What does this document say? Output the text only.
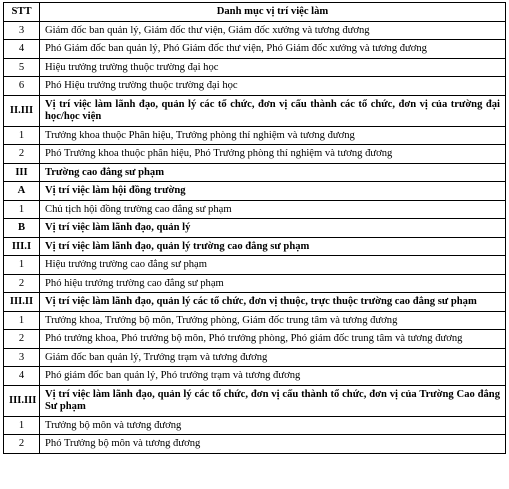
STT	Danh mục vị trí việc làm
3	Giám đốc ban quản lý, Giám đốc thư viện, Giám đốc xưởng và tương đương
4	Phó Giám đốc ban quản lý, Phó Giám đốc thư viện, Phó Giám đốc xưởng và tương đương
5	Hiệu trưởng trường thuộc trường đại học
6	Phó Hiệu trưởng trường thuộc trường đại học
II.III	Vị trí việc làm lãnh đạo, quản lý các tổ chức, đơn vị cấu thành các tổ chức, đơn vị của trường đại học/học viện
1	Trưởng khoa thuộc Phân hiệu, Trưởng phòng thí nghiệm và tương đương
2	Phó Trưởng khoa thuộc phân hiệu, Phó Trưởng phòng thí nghiệm và tương đương
III	Trường cao đẳng sư phạm
A	Vị trí việc làm hội đồng trường
1	Chủ tịch hội đồng trường cao đẳng sư phạm
B	Vị trí việc làm lãnh đạo, quản lý
III.I	Vị trí việc làm lãnh đạo, quản lý trường cao đẳng sư phạm
1	Hiệu trưởng trường cao đẳng sư phạm
2	Phó hiệu trưởng trường cao đẳng sư phạm
III.II	Vị trí việc làm lãnh đạo, quản lý các tổ chức, đơn vị thuộc, trực thuộc trường cao đẳng sư phạm
1	Trưởng khoa, Trưởng bộ môn, Trưởng phòng, Giám đốc trung tâm và tương đương
2	Phó trưởng khoa, Phó trưởng bộ môn, Phó trưởng phòng, Phó giám đốc trung tâm và tương đương
3	Giám đốc ban quản lý, Trưởng trạm và tương đương
4	Phó giám đốc ban quản lý, Phó trưởng trạm và tương đương
III.III	Vị trí việc làm lãnh đạo, quản lý các tổ chức, đơn vị cấu thành tổ chức, đơn vị của Trường Cao đẳng Sư phạm
1	Trưởng bộ môn và tương đương
2	Phó Trưởng bộ môn và tương đương
